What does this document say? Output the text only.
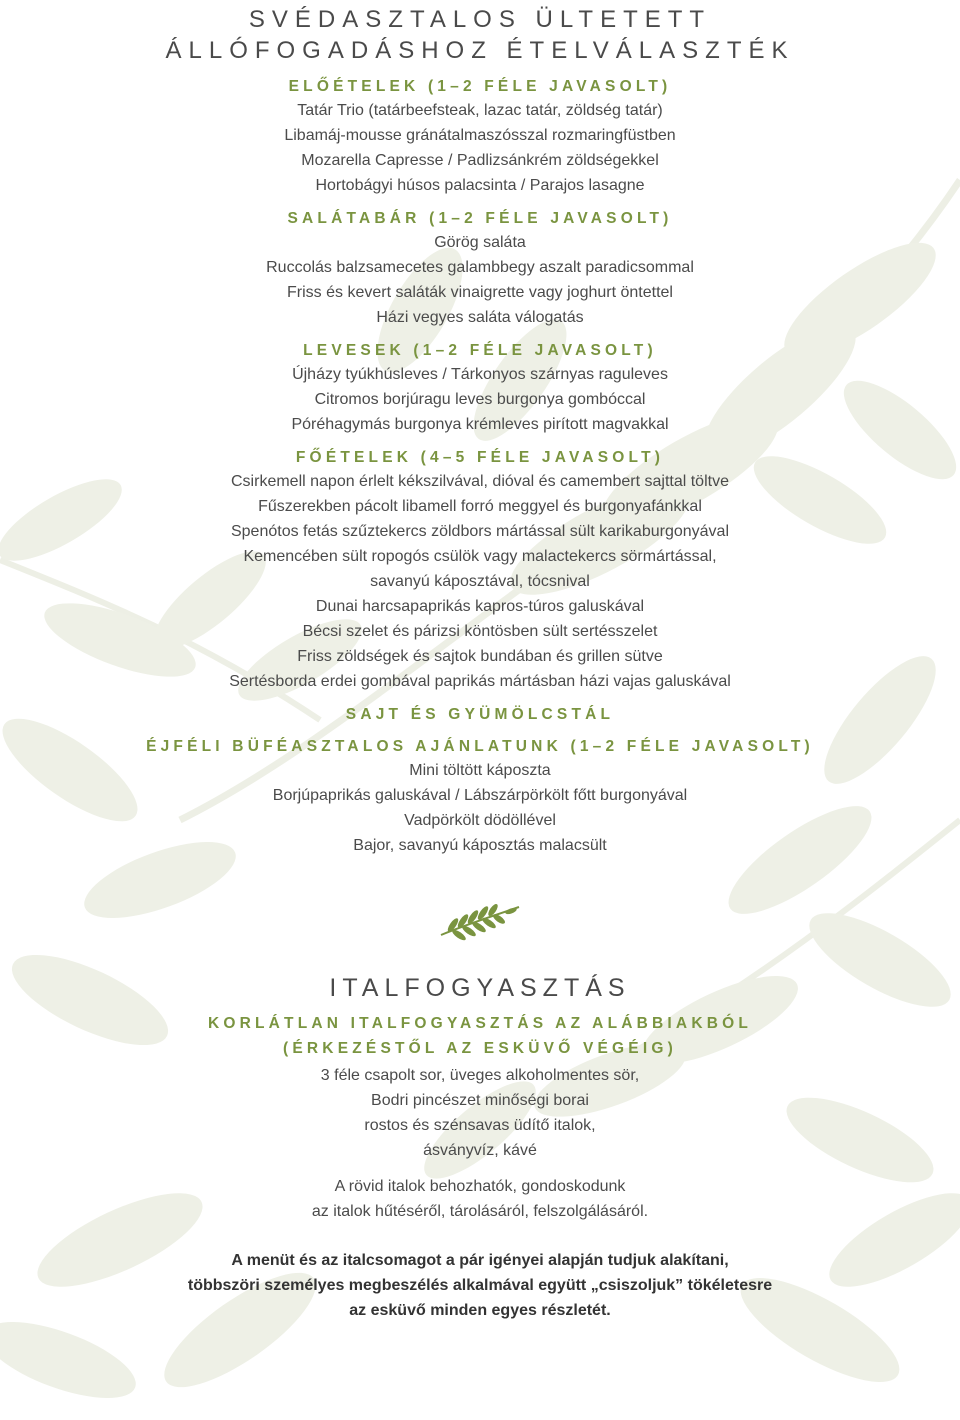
SVÉDASZTALOS ÜLTETETT
ÁLLÓFOGADÁSHOZ ÉTELVÁLASZTÉK
ELŐÉTELEK (1–2 FÉLE JAVASOLT)
Tatár Trio (tatárbeefsteak, lazac tatár, zöldség tatár)
Libamáj-mousse gránátalmaszósszal rozmaringfüstben
Mozarella Capresse / Padlizsánkrém zöldségekkel
Hortobágyi húsos palacsinta / Parajos lasagne
SALÁTABÁR (1–2 FÉLE JAVASOLT)
Görög saláta
Ruccolás balzsamecetes galambbegy aszalt paradicsommal
Friss és kevert saláták vinaigrette vagy joghurt öntettel
Házi vegyes saláta válogatás
LEVESEK (1–2 FÉLE JAVASOLT)
Újházy tyúkhúsleves / Tárkonyos szárnyas raguleves
Citromos borjúragu leves burgonya gombóccal
Póréhagymás burgonya krémleves pirított magvakkal
FŐÉTELEK (4–5 FÉLE JAVASOLT)
Csirkemell napon érlelt kékszilvával, dióval és camembert sajttal töltve
Fűszerekben pácolt libamell forró meggyel és burgonyafánkkal
Spenótos fetás szűztekercs zöldbors mártással sült karikaburgonyával
Kemencében sült ropogós csülök vagy malactekercs sörmártással,
savanyú káposztával, tócsnival
Dunai harcsapaprikás kapros-túros galuskával
Bécsi szelet és párizsi köntösben sült sertésszelet
Friss zöldségek és sajtok bundában és grillen sütve
Sertésborda erdei gombával paprikás mártásban házi vajas galuskával
SAJT ÉS GYÜMÖLCSTÁL
ÉJFÉLI BÜFÉASZTALOS AJÁNLATUNK (1–2 FÉLE JAVASOLT)
Mini töltött káposzta
Borjúpaprikás galuskával / Lábszárpörkölt főtt burgonyával
Vadpörkölt dödöllével
Bajor, savanyú káposztás malacsült
ITALFOGYASZTÁS
KORLÁTLAN ITALFOGYASZTÁS AZ ALÁBBIAKBÓL
(ÉRKEZÉSTŐL AZ ESKÜVŐ VÉGÉIG)
3 féle csapolt sor, üveges alkoholmentes sör,
Bodri pincészet minőségi borai
rostos és szénsavas üdítő italok,
ásványvíz, kávé

A rövid italok behozhatók, gondoskodunk

az italok hűtéséről, tárolásáról, felszolgálásáról.

A menüt és az italcsomagot a pár igényei alapján tudjuk alakítani,

többszöri személyes megbeszélés alkalmával együtt „csiszoljuk” tökéletesre

az esküvő minden egyes részletét.
